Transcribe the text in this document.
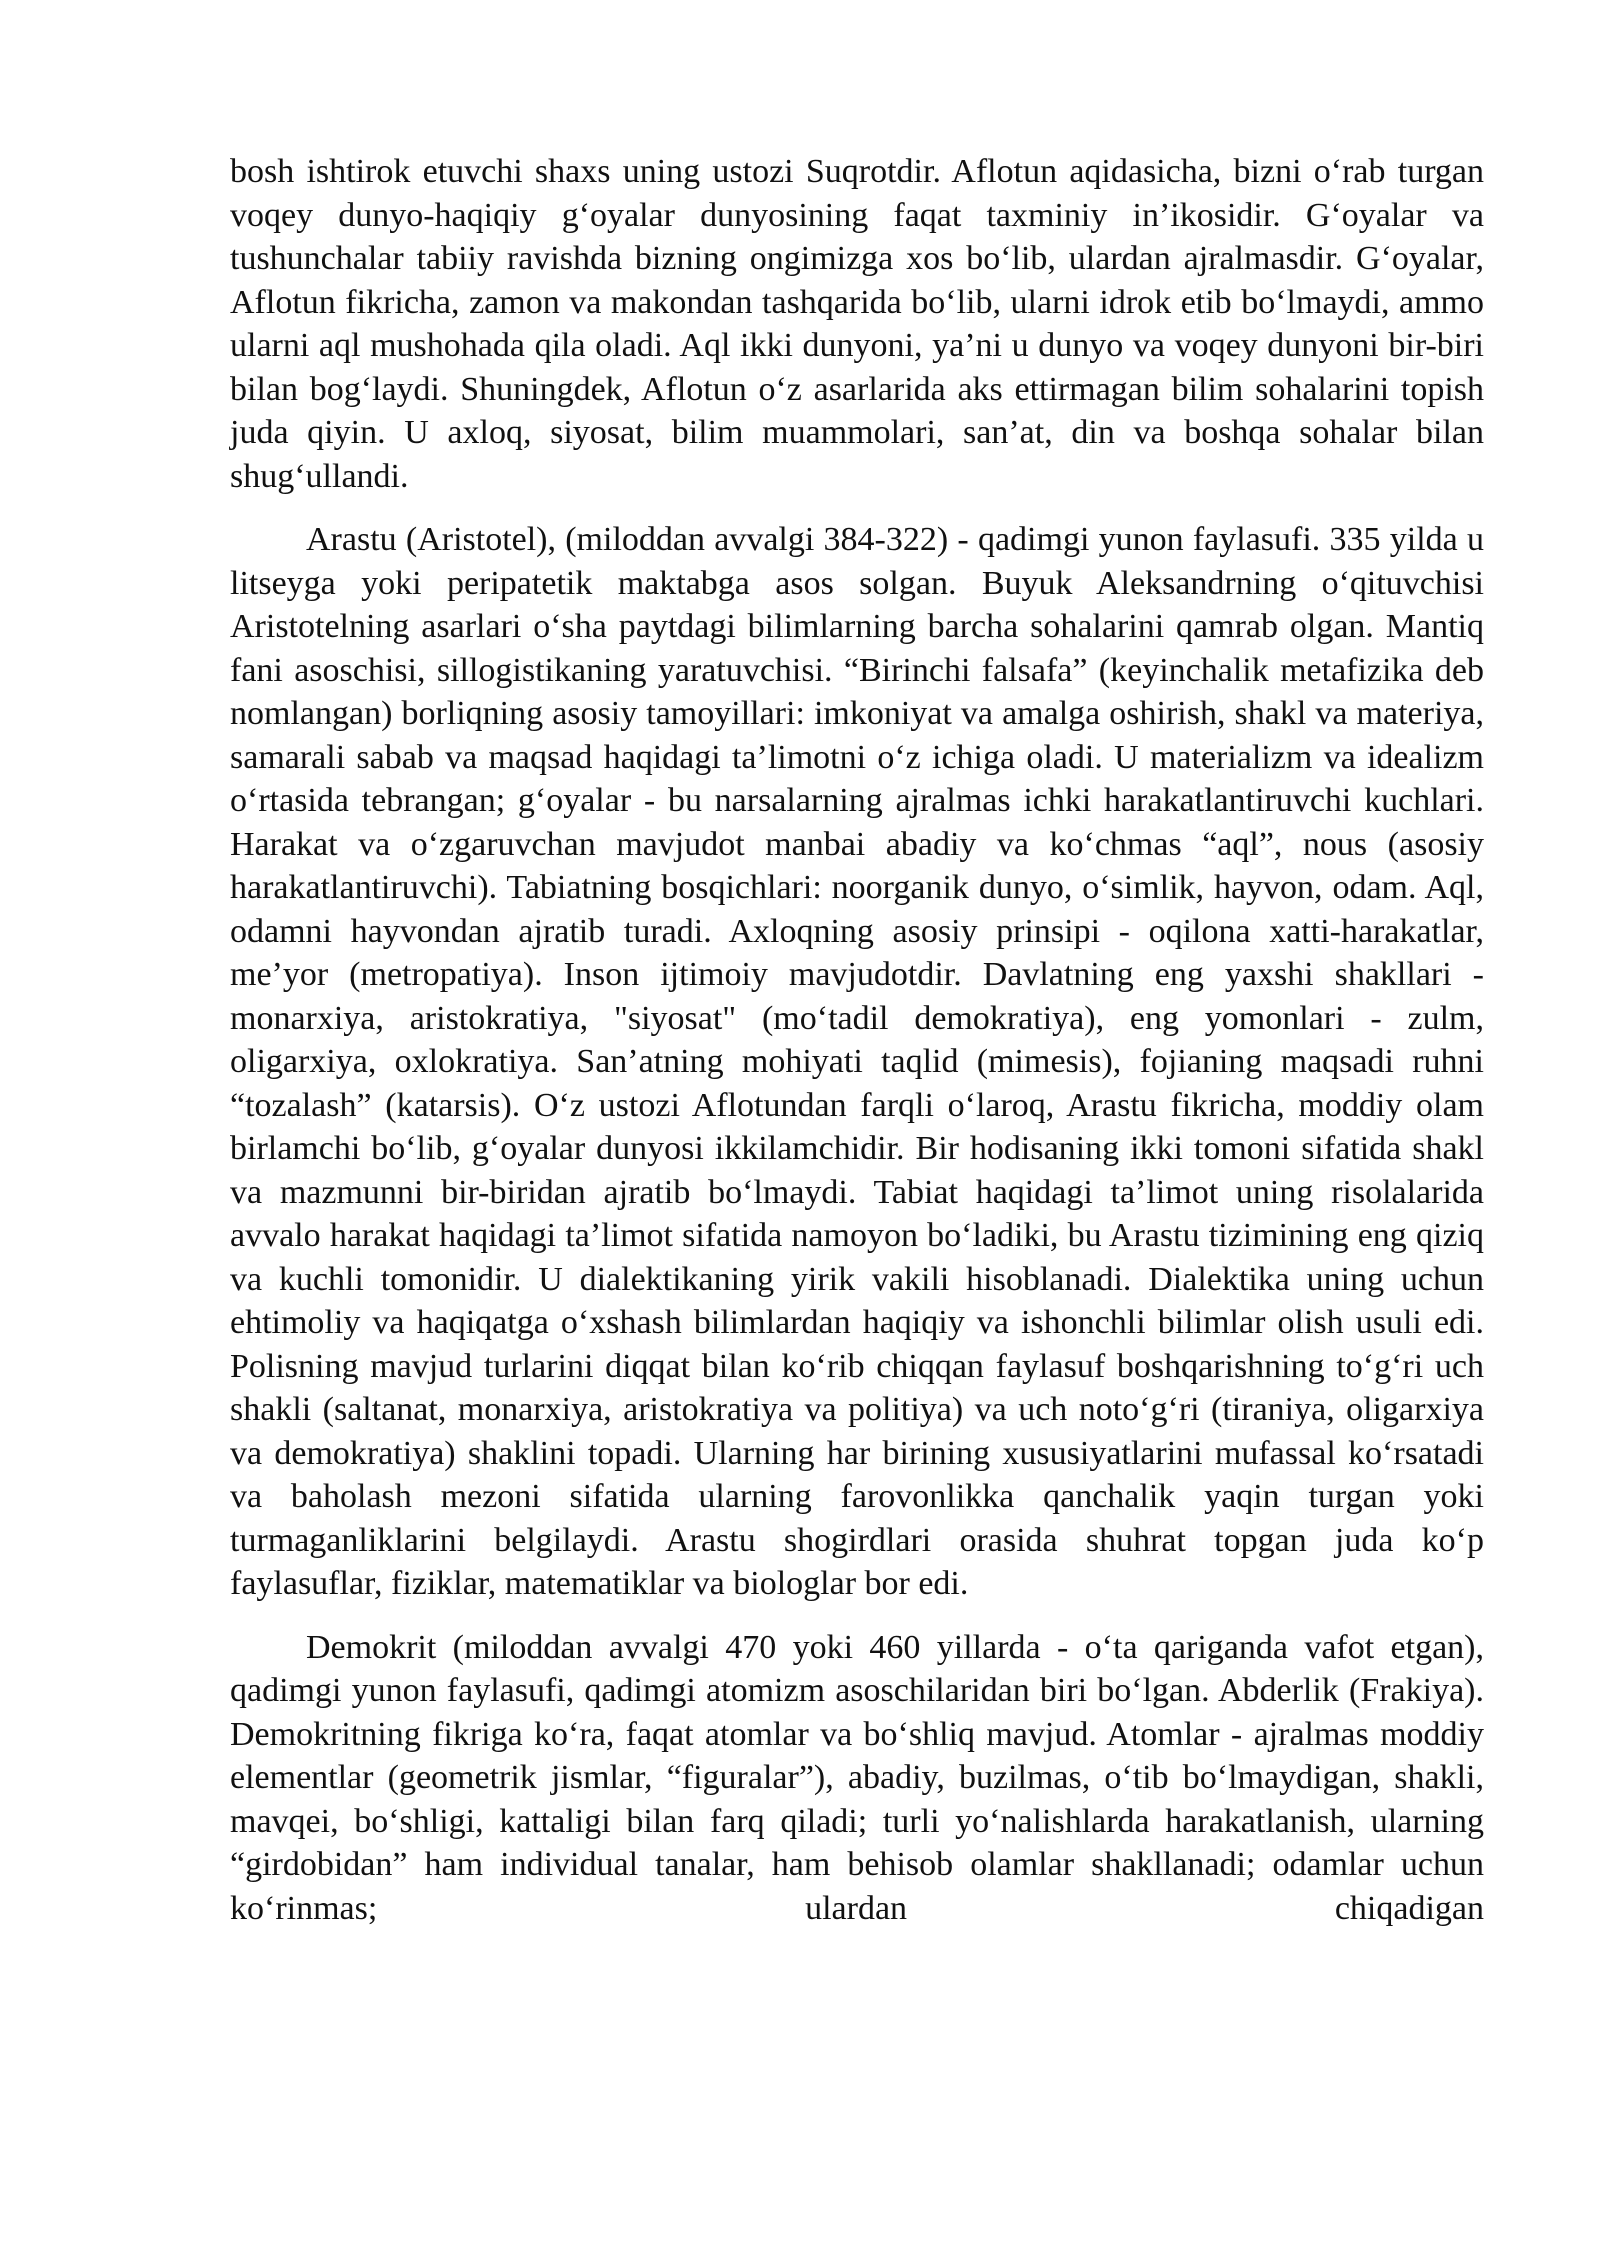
bosh ishtirok etuvchi shaxs uning ustozi Suqrotdir. Aflotun aqidasicha, bizni o‘rab turgan voqey dunyo-haqiqiy g‘oyalar dunyosining faqat taxminiy in’ikosidir. G‘oyalar va tushunchalar tabiiy ravishda bizning ongimizga xos bo‘lib, ulardan ajralmasdir. G‘oyalar, Aflotun fikricha, zamon va makondan tashqarida bo‘lib, ularni idrok etib bo‘lmaydi, ammo ularni aql mushohada qila oladi. Aql ikki dunyoni, ya’ni u dunyo va voqey dunyoni bir-biri bilan bog‘laydi. Shuningdek, Aflotun o‘z asarlarida aks ettirmagan bilim sohalarini topish juda qiyin. U axloq, siyosat, bilim muammolari, san’at, din va boshqa sohalar bilan shug‘ullandi.

Arastu (Aristotel), (miloddan avvalgi 384-322) - qadimgi yunon faylasufi. 335 yilda u litseyga yoki peripatetik maktabga asos solgan. Buyuk Aleksandrning o‘qituvchisi Aristotelning asarlari o‘sha paytdagi bilimlarning barcha sohalarini qamrab olgan. Mantiq fani asoschisi, sillogistikaning yaratuvchisi. “Birinchi falsafa” (keyinchalik metafizika deb nomlangan) borliqning asosiy tamoyillari: imkoniyat va amalga oshirish, shakl va materiya, samarali sabab va maqsad haqidagi ta’limotni o‘z ichiga oladi. U materializm va idealizm o‘rtasida tebrangan; g‘oyalar - bu narsalarning ajralmas ichki harakatlantiruvchi kuchlari. Harakat va o‘zgaruvchan mavjudot manbai abadiy va ko‘chmas “aql”, nous (asosiy harakatlantiruvchi). Tabiatning bosqichlari: noorganik dunyo, o‘simlik, hayvon, odam. Aql, odamni hayvondan ajratib turadi. Axloqning asosiy prinsipi - oqilona xatti-harakatlar, me’yor (metropatiya). Inson ijtimoiy mavjudotdir. Davlatning eng yaxshi shakllari - monarxiya, aristokratiya, "siyosat" (mo‘tadil demokratiya), eng yomonlari - zulm, oligarxiya, oxlokratiya. San’atning mohiyati taqlid (mimesis), fojianing maqsadi ruhni “tozalash” (katarsis). O‘z ustozi Aflotundan farqli o‘laroq, Arastu fikricha, moddiy olam birlamchi bo‘lib, g‘oyalar dunyosi ikkilamchidir. Bir hodisaning ikki tomoni sifatida shakl va mazmunni bir-biridan ajratib bo‘lmaydi. Tabiat haqidagi ta’limot uning risolalarida avvalo harakat haqidagi ta’limot sifatida namoyon bo‘ladiki, bu Arastu tizimining eng qiziq va kuchli tomonidir. U dialektikaning yirik vakili hisoblanadi. Dialektika uning uchun ehtimoliy va haqiqatga o‘xshash bilimlardan haqiqiy va ishonchli bilimlar olish usuli edi. Polisning mavjud turlarini diqqat bilan ko‘rib chiqqan faylasuf boshqarishning to‘g‘ri uch shakli (saltanat, monarxiya, aristokratiya va politiya) va uch noto‘g‘ri (tiraniya, oligarxiya va demokratiya) shaklini topadi. Ularning har birining xususiyatlarini mufassal ko‘rsatadi va baholash mezoni sifatida ularning farovonlikka qanchalik yaqin turgan yoki turmaganliklarini belgilaydi. Arastu shogirdlari orasida shuhrat topgan juda ko‘p faylasuflar, fiziklar, matematiklar va biologlar bor edi.

Demokrit (miloddan avvalgi 470 yoki 460 yillarda - o‘ta qariganda vafot etgan), qadimgi yunon faylasufi, qadimgi atomizm asoschilaridan biri bo‘lgan. Abderlik (Frakiya). Demokritning fikriga ko‘ra, faqat atomlar va bo‘shliq mavjud. Atomlar - ajralmas moddiy elementlar (geometrik jismlar, “figuralar”), abadiy, buzilmas, o‘tib bo‘lmaydigan, shakli, mavqei, bo‘shligi, kattaligi bilan farq qiladi; turli yo‘nalishlarda harakatlanish, ularning “girdobidan” ham individual tanalar, ham behisob olamlar shakllanadi; odamlar uchun ko‘rinmas; ulardan chiqadigan
